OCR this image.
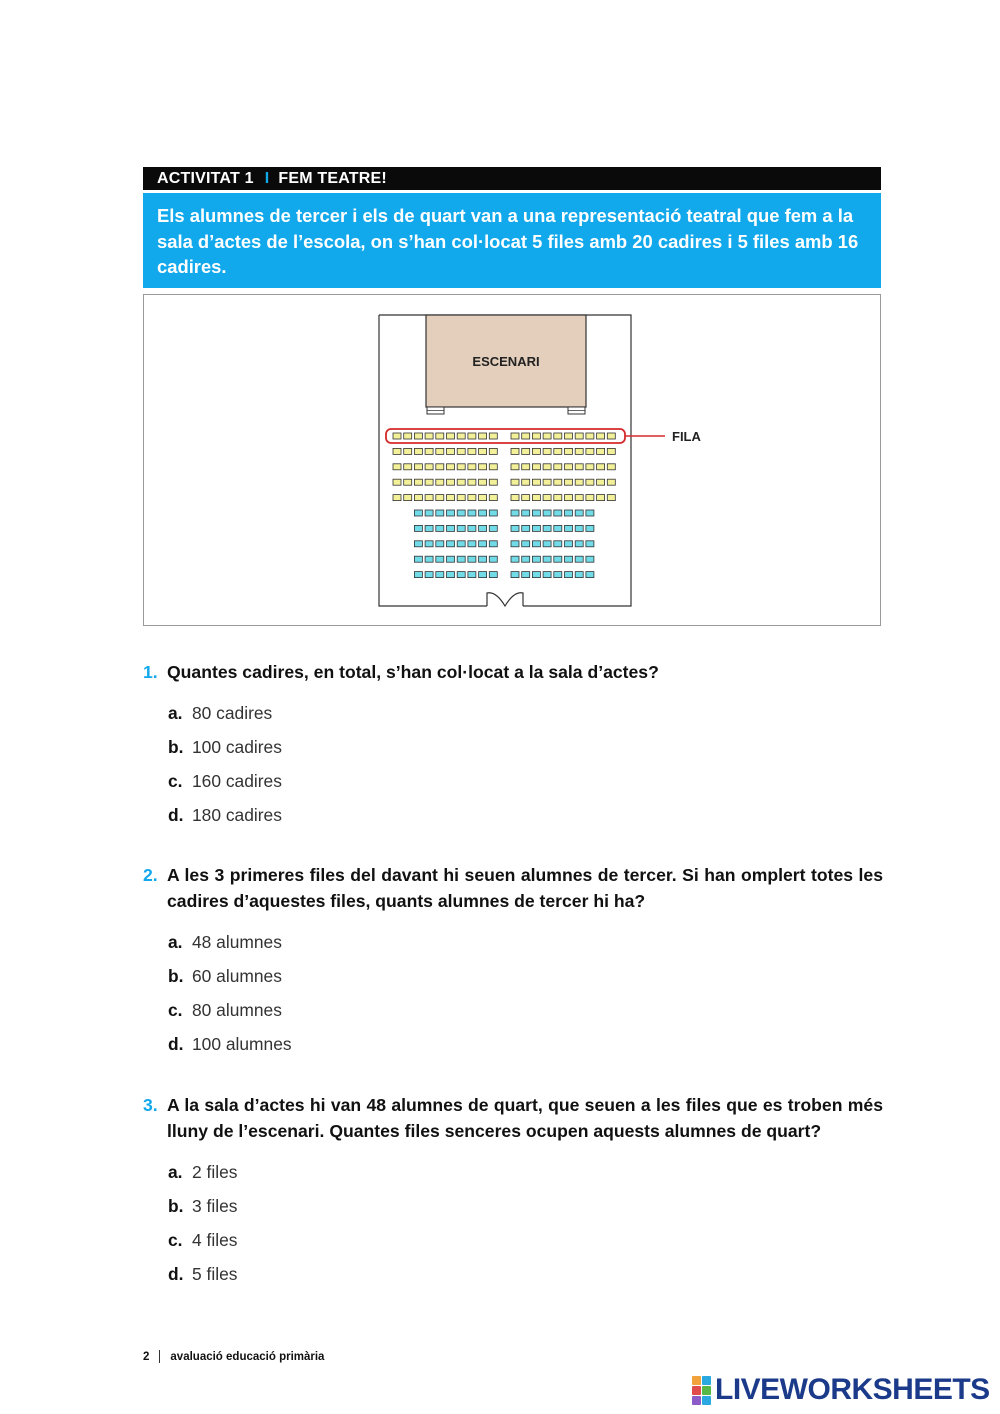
ACTIVITAT 1 I FEM TEATRE!
Els alumnes de tercer i els de quart van a una representació teatral que fem a la sala d’actes de l’escola, on s’han col·locat 5 files amb 20 cadires i 5 files amb 16 cadires.
ESCENARI
FILA
1. Quantes cadires, en total, s’han col·locat a la sala d’actes?
a. 80 cadires
b. 100 cadires
c. 160 cadires
d. 180 cadires
2. A les 3 primeres files del davant hi seuen alumnes de tercer. Si han omplert totes les cadires d’aquestes files, quants alumnes de tercer hi ha?
a. 48 alumnes
b. 60 alumnes
c. 80 alumnes
d. 100 alumnes
3. A la sala d’actes hi van 48 alumnes de quart, que seuen a les files que es troben més lluny de l’escenari. Quantes files senceres ocupen aquests alumnes de quart?
a. 2 files
b. 3 files
c. 4 files
d. 5 files
2 avaluació educació primària
LIVEWORKSHEETS
